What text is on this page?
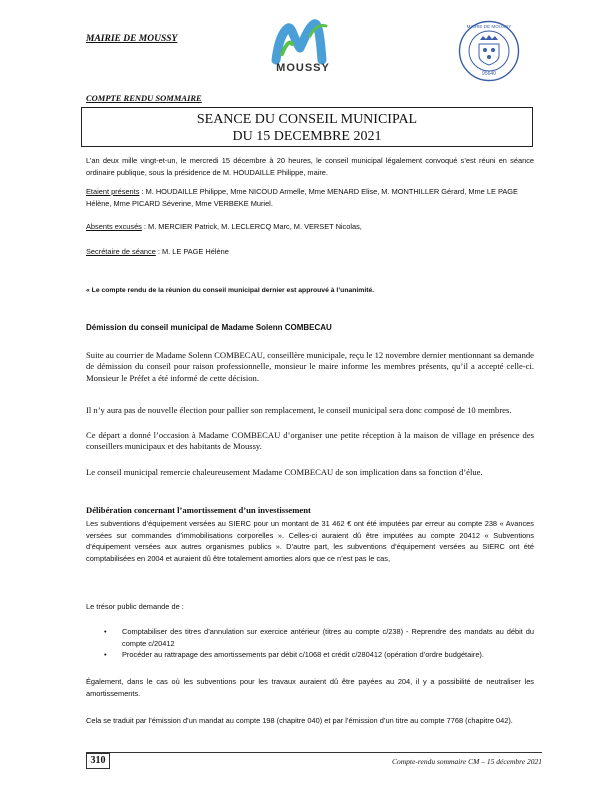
MAIRIE DE MOUSSY
MOUSSY
MAIRIE DE MOUSSY
95640
COMPTE RENDU SOMMAIRE
SEANCE DU CONSEIL MUNICIPAL
DU 15 DECEMBRE 2021
L’an deux mille vingt-et-un, le mercredi 15 décembre à 20 heures, le conseil municipal légalement convoqué s’est réuni en séance ordinaire publique, sous la présidence de M. HOUDAILLE Philippe, maire.
Etaient présents : M. HOUDAILLE Philippe, Mme NICOUD Armelle, Mme MENARD Elise, M. MONTHILLER Gérard, Mme LE PAGE Hélène, Mme PICARD Séverine, Mme VERBEKE Muriel.
Absents excusés : M. MERCIER Patrick, M. LECLERCQ Marc, M. VERSET Nicolas,
Secrétaire de séance : M. LE PAGE Hélène
« Le compte rendu de la réunion du conseil municipal dernier est approuvé à l’unanimité.
Démission du conseil municipal de Madame Solenn COMBECAU
Suite au courrier de Madame Solenn COMBECAU, conseillère municipale, reçu le 12 novembre dernier mentionnant sa demande de démission du conseil pour raison professionnelle, monsieur le maire informe les membres présents, qu’il a accepté celle-ci. Monsieur le Préfet a été informé de cette décision.
Il n’y aura pas de nouvelle élection pour pallier son remplacement, le conseil municipal sera donc composé de 10 membres.
Ce départ a donné l’occasion à Madame COMBECAU d’organiser une petite réception à la maison de village en présence des conseillers municipaux et des habitants de Moussy.
Le conseil municipal remercie chaleureusement Madame COMBECAU de son implication dans sa fonction d’élue.
Délibération concernant l’amortissement d’un investissement
Les subventions d’équipement versées au SIERC pour un montant de 31 462 € ont été imputées par erreur au compte 238 « Avances versées sur commandes d’immobilisations corporelles ». Celles-ci auraient dû être imputées au compte 20412 « Subventions d’équipement versées aux autres organismes publics ». D’autre part, les subventions d’équipement versées au SIERC ont été comptabilisées en 2004 et auraient dû être totalement amorties alors que ce n’est pas le cas,
Le trésor public demande de :
• Comptabiliser des titres d’annulation sur exercice antérieur (titres au compte c/238) - Reprendre des mandats au débit du compte c/20412
• Procéder au rattrapage des amortissements par débit c/1068 et crédit c/280412 (opération d’ordre budgétaire).
Également, dans le cas où les subventions pour les travaux auraient dû être payées au 204, il y a possibilité de neutraliser les amortissements.
Cela se traduit par l’émission d’un mandat au compte 198 (chapitre 040) et par l’émission d’un titre au compte 7768 (chapitre 042).
310	Compte-rendu sommaire CM – 15 décembre 2021
